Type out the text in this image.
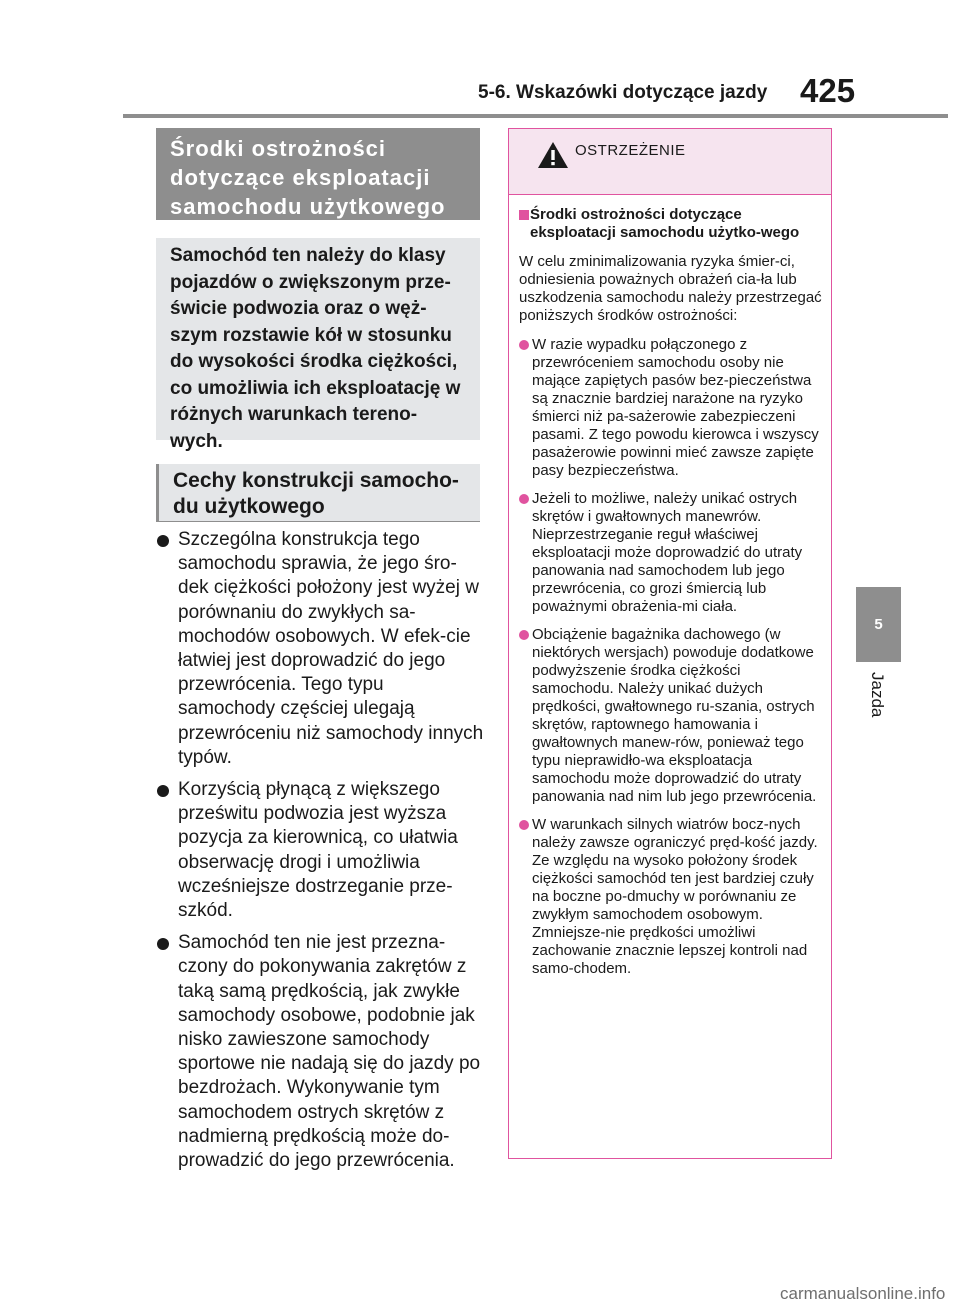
5-6. Wskazówki dotyczące jazdy 425
5
Jazda
Środki ostrożności dotyczące eksploatacji samochodu użytkowego
Samochód ten należy do klasy pojazdów o zwiększonym prze-świcie podwozia oraz o węż-szym rozstawie kół w stosunku do wysokości środka ciężkości, co umożliwia ich eksploatację w różnych warunkach tereno-wych.
Cechy konstrukcji samocho-du użytkowego
Szczególna konstrukcja tego samochodu sprawia, że jego śro-dek ciężkości położony jest wyżej w porównaniu do zwykłych sa-mochodów osobowych. W efek-cie łatwiej jest doprowadzić do jego przewrócenia. Tego typu samochody częściej ulegają przewróceniu niż samochody innych typów.
Korzyścią płynącą z większego prześwitu podwozia jest wyższa pozycja za kierownicą, co ułatwia obserwację drogi i umożliwia wcześniejsze dostrzeganie prze-szkód.
Samochód ten nie jest przezna-czony do pokonywania zakrętów z taką samą prędkością, jak zwykłe samochody osobowe, podobnie jak nisko zawieszone samochody sportowe nie nadają się do jazdy po bezdrożach. Wykonywanie tym samochodem ostrych skrętów z nadmierną prędkością może do-prowadzić do jego przewrócenia.
OSTRZEŻENIE
Środki ostrożności dotyczące eksploatacji samochodu użytko-wego
W celu zminimalizowania ryzyka śmier-ci, odniesienia poważnych obrażeń cia-ła lub uszkodzenia samochodu należy przestrzegać poniższych środków ostrożności:
W razie wypadku połączonego z przewróceniem samochodu osoby nie mające zapiętych pasów bez-pieczeństwa są znacznie bardziej narażone na ryzyko śmierci niż pa-sażerowie zabezpieczeni pasami. Z tego powodu kierowca i wszyscy pasażerowie powinni mieć zawsze zapięte pasy bezpieczeństwa.
Jeżeli to możliwe, należy unikać ostrych skrętów i gwałtownych manewrów. Nieprzestrzeganie reguł właściwej eksploatacji może doprowadzić do utraty panowania nad samochodem lub jego przewrócenia, co grozi śmiercią lub poważnymi obrażenia-mi ciała.
Obciążenie bagażnika dachowego (w niektórych wersjach) powoduje dodatkowe podwyższenie środka ciężkości samochodu. Należy unikać dużych prędkości, gwałtownego ru-szania, ostrych skrętów, raptownego hamowania i gwałtownych manew-rów, ponieważ tego typu nieprawidło-wa eksploatacja samochodu może doprowadzić do utraty panowania nad nim lub jego przewrócenia.
W warunkach silnych wiatrów bocz-nych należy zawsze ograniczyć pręd-kość jazdy. Ze względu na wysoko położony środek ciężkości samochód ten jest bardziej czuły na boczne po-dmuchy w porównaniu ze zwykłym samochodem osobowym. Zmniejsze-nie prędkości umożliwi zachowanie znacznie lepszej kontroli nad samo-chodem.
carmanualsonline.info
